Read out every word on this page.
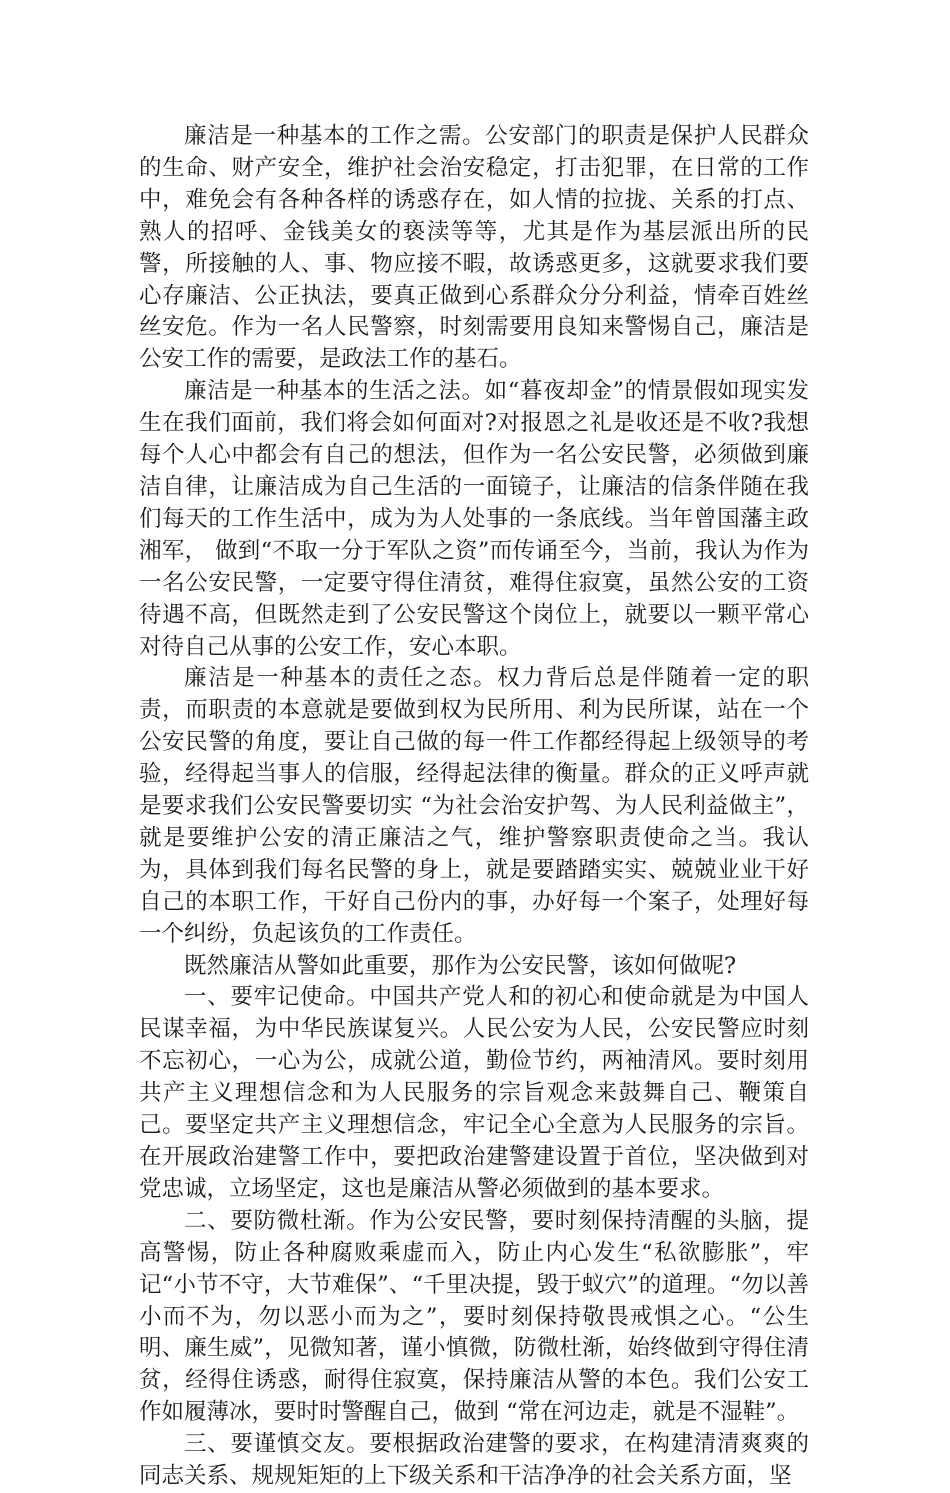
廉洁是一种基本的工作之需。公安部门的职责是保护人民群众的生命、财产安全，维护社会治安稳定，打击犯罪，在日常的工作中，难免会有各种各样的诱惑存在，如人情的拉拢、关系的打点、熟人的招呼、金钱美女的亵渎等等，尤其是作为基层派出所的民警，所接触的人、事、物应接不暇，故诱惑更多，这就要求我们要心存廉洁、公正执法，要真正做到心系群众分分利益，情牵百姓丝丝安危。作为一名人民警察，时刻需要用良知来警惕自己，廉洁是公安工作的需要，是政法工作的基石。

廉洁是一种基本的生活之法。如“暮夜却金”的情景假如现实发生在我们面前，我们将会如何面对?对报恩之礼是收还是不收?我想每个人心中都会有自己的想法，但作为一名公安民警，必须做到廉洁自律，让廉洁成为自己生活的一面镜子，让廉洁的信条伴随在我们每天的工作生活中，成为为人处事的一条底线。当年曾国藩主政湘军， 做到“不取一分于军队之资”而传诵至今，当前，我认为作为一名公安民警，一定要守得住清贫，难得住寂寞，虽然公安的工资待遇不高，但既然走到了公安民警这个岗位上，就要以一颗平常心对待自己从事的公安工作，安心本职。

廉洁是一种基本的责任之态。权力背后总是伴随着一定的职责，而职责的本意就是要做到权为民所用、利为民所谋，站在一个公安民警的角度，要让自己做的每一件工作都经得起上级领导的考验，经得起当事人的信服，经得起法律的衡量。群众的正义呼声就是要求我们公安民警要切实 “为社会治安护驾、为人民利益做主”，就是要维护公安的清正廉洁之气，维护警察职责使命之当。我认为，具体到我们每名民警的身上，就是要踏踏实实、兢兢业业干好自己的本职工作，干好自己份内的事，办好每一个案子，处理好每一个纠纷，负起该负的工作责任。

既然廉洁从警如此重要，那作为公安民警，该如何做呢?

一、要牢记使命。中国共产党人和的初心和使命就是为中国人民谋幸福，为中华民族谋复兴。人民公安为人民，公安民警应时刻不忘初心，一心为公，成就公道，勤俭节约，两袖清风。要时刻用共产主义理想信念和为人民服务的宗旨观念来鼓舞自己、鞭策自己。要坚定共产主义理想信念，牢记全心全意为人民服务的宗旨。在开展政治建警工作中，要把政治建警建设置于首位，坚决做到对党忠诚，立场坚定，这也是廉洁从警必须做到的基本要求。

二、要防微杜渐。作为公安民警，要时刻保持清醒的头脑，提高警惕，防止各种腐败乘虚而入，防止内心发生“私欲膨胀”，牢记“小节不守，大节难保”、“千里决提，毁于蚁穴”的道理。“勿以善小而不为，勿以恶小而为之”，要时刻保持敬畏戒惧之心。“公生明、廉生威”，见微知著，谨小慎微，防微杜渐，始终做到守得住清贫，经得住诱惑，耐得住寂寞，保持廉洁从警的本色。我们公安工作如履薄冰，要时时警醒自己，做到 “常在河边走，就是不湿鞋”。

三、要谨慎交友。要根据政治建警的要求，在构建清清爽爽的同志关系、规规矩矩的上下级关系和干洁净净的社会关系方面，坚
